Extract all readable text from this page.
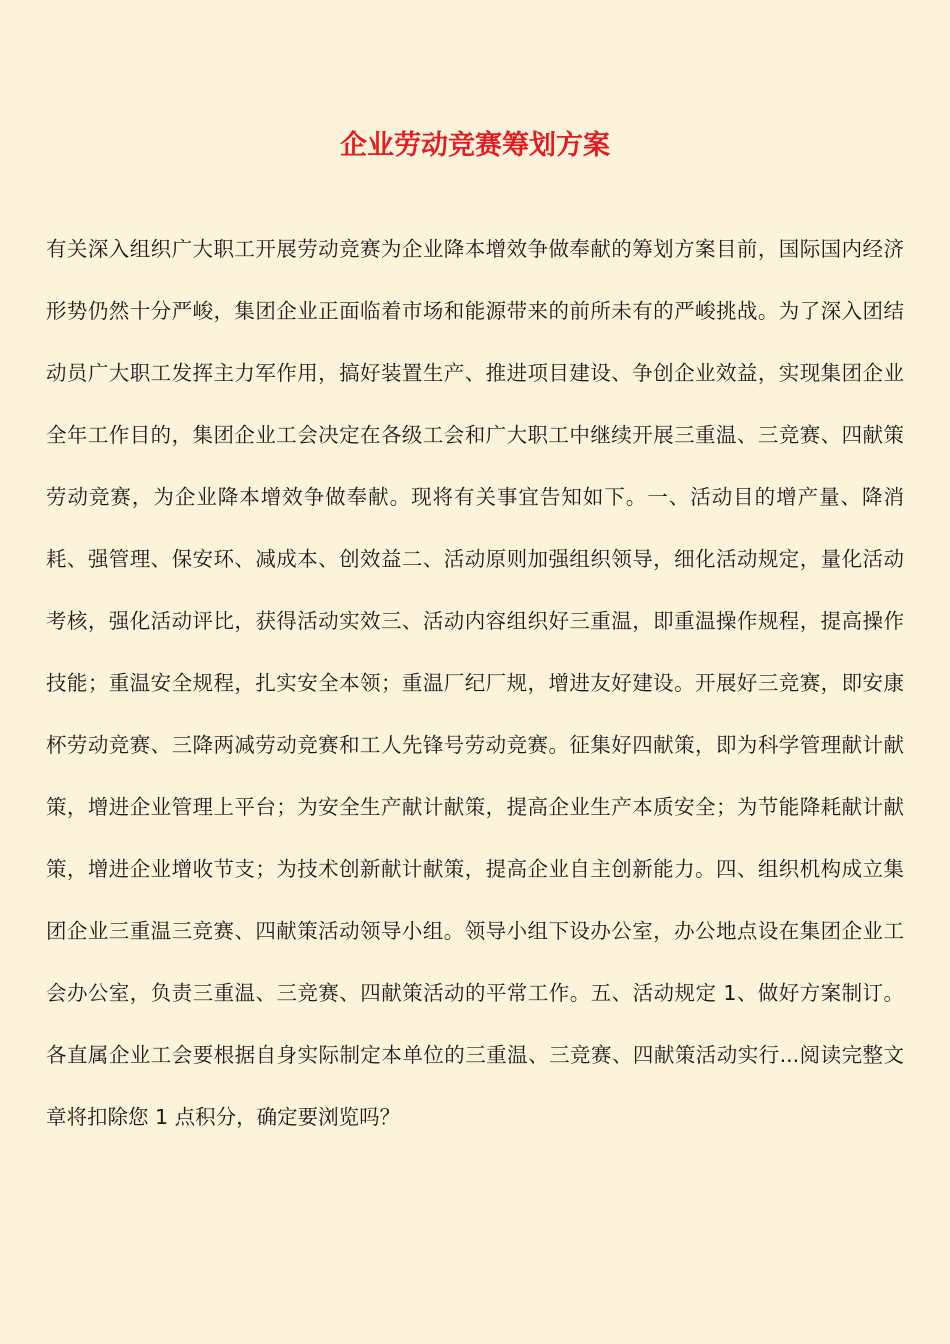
企业劳动竞赛筹划方案

有关深入组织广大职工开展劳动竞赛为企业降本增效争做奉献的筹划方案目前，国际国内经济形势仍然十分严峻，集团企业正面临着市场和能源带来的前所未有的严峻挑战。为了深入团结动员广大职工发挥主力军作用，搞好装置生产、推进项目建设、争创企业效益，实现集团企业全年工作目的，集团企业工会决定在各级工会和广大职工中继续开展三重温、三竞赛、四献策劳动竞赛，为企业降本增效争做奉献。现将有关事宜告知如下。一、活动目的增产量、降消耗、强管理、保安环、减成本、创效益二、活动原则加强组织领导，细化活动规定，量化活动考核，强化活动评比，获得活动实效三、活动内容组织好三重温，即重温操作规程，提高操作技能；重温安全规程，扎实安全本领；重温厂纪厂规，增进友好建设。开展好三竞赛，即安康杯劳动竞赛、三降两减劳动竞赛和工人先锋号劳动竞赛。征集好四献策，即为科学管理献计献策，增进企业管理上平台；为安全生产献计献策，提高企业生产本质安全；为节能降耗献计献策，增进企业增收节支；为技术创新献计献策，提高企业自主创新能力。四、组织机构成立集团企业三重温三竞赛、四献策活动领导小组。领导小组下设办公室，办公地点设在集团企业工会办公室，负责三重温、三竞赛、四献策活动的平常工作。五、活动规定 1、做好方案制订。各直属企业工会要根据自身实际制定本单位的三重温、三竞赛、四献策活动实行...阅读完整文章将扣除您 1 点积分，确定要浏览吗？
